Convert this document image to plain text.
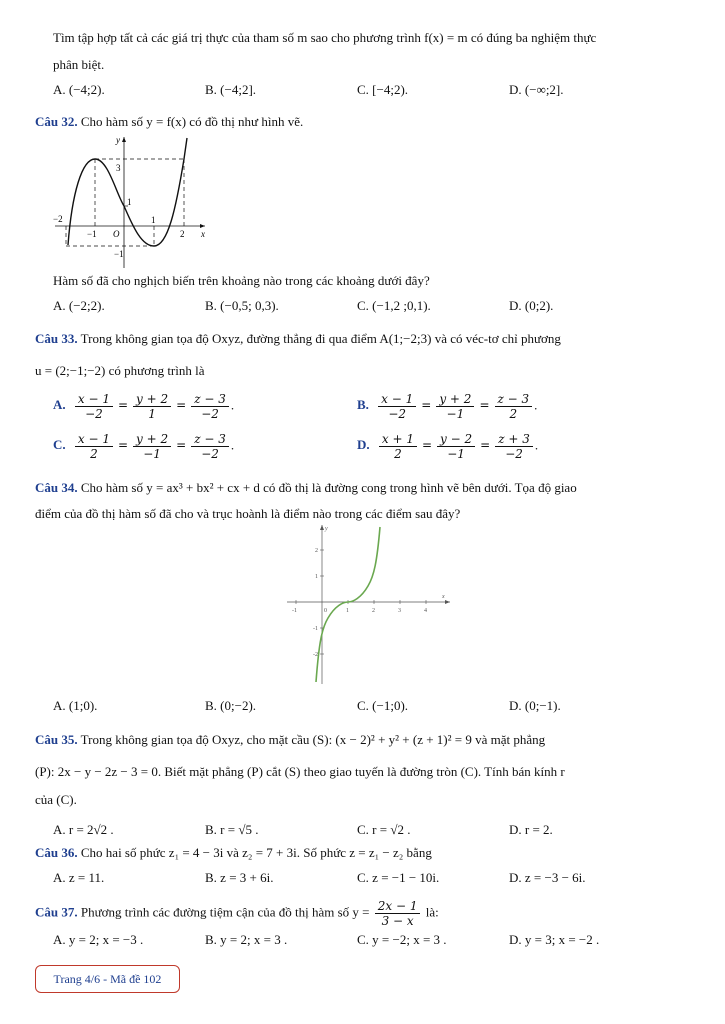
Tìm tập hợp tất cả các giá trị thực của tham số m sao cho phương trình f(x) = m có đúng ba nghiệm thực
phân biệt.
A. (−4;2).	B. (−4;2].	C. [−4;2).	D. (−∞;2].
Câu 32. Cho hàm số y = f(x) có đồ thị như hình vẽ.
y
x
O
3
1
−2
−1
1
2
−1
Hàm số đã cho nghịch biến trên khoảng nào trong các khoảng dưới đây?
A. (−2;2).	B. (−0,5; 0,3).	C. (−1,2 ;0,1).	D. (0;2).
Câu 33. Trong không gian tọa độ Oxyz, đường thẳng đi qua điểm A(1;−2;3) và có véc-tơ chỉ phương
u = (2;−1;−2) có phương trình là
A. $\frac{x - 1}{-2} = \frac{y + 2}{1} = \frac{z - 3}{-2}$ .	B. $\frac{x - 1}{-2} = \frac{y + 2}{-1} = \frac{z - 3}{2}$ .
C. $\frac{x - 1}{2} = \frac{y + 2}{-1} = \frac{z - 3}{-2}$ .	D. $\frac{x + 1}{2} = \frac{y - 2}{-1} = \frac{z + 3}{-2}$ .
Câu 34. Cho hàm số y = ax³ + bx² + cx + d có đồ thị là đường cong trong hình vẽ bên dưới. Tọa độ giao
điểm của đồ thị hàm số đã cho và trục hoành là điểm nào trong các điểm sau đây?
-1	0	1	2	3	4
2
1
-1
-2
y
x
A. (1;0).	B. (0;−2).	C. (−1;0).	D. (0;−1).
Câu 35. Trong không gian tọa độ Oxyz, cho mặt cầu (S): (x − 2)² + y² + (z + 1)² = 9 và mặt phẳng
(P): 2x − y − 2z − 3 = 0. Biết mặt phẳng (P) cắt (S) theo giao tuyến là đường tròn (C). Tính bán kính r
của (C).
A. r = 2√2 .	B. r = √5 .	C. r = √2 .	D. r = 2.
Câu 36. Cho hai số phức z₁ = 4 − 3i và z₂ = 7 + 3i. Số phức z = z₁ − z₂ bằng
A. z = 11.	B. z = 3 + 6i.	C. z = −1 − 10i.	D. z = −3 − 6i.
Câu 37. Phương trình các đường tiệm cận của đồ thị hàm số $y = \frac{2x - 1}{3 - x}$ là:
A. y = 2; x = −3 .	B. y = 2; x = 3 .	C. y = −2; x = 3 .	D. y = 3; x = −2 .
Trang 4/6 - Mã đề 102
